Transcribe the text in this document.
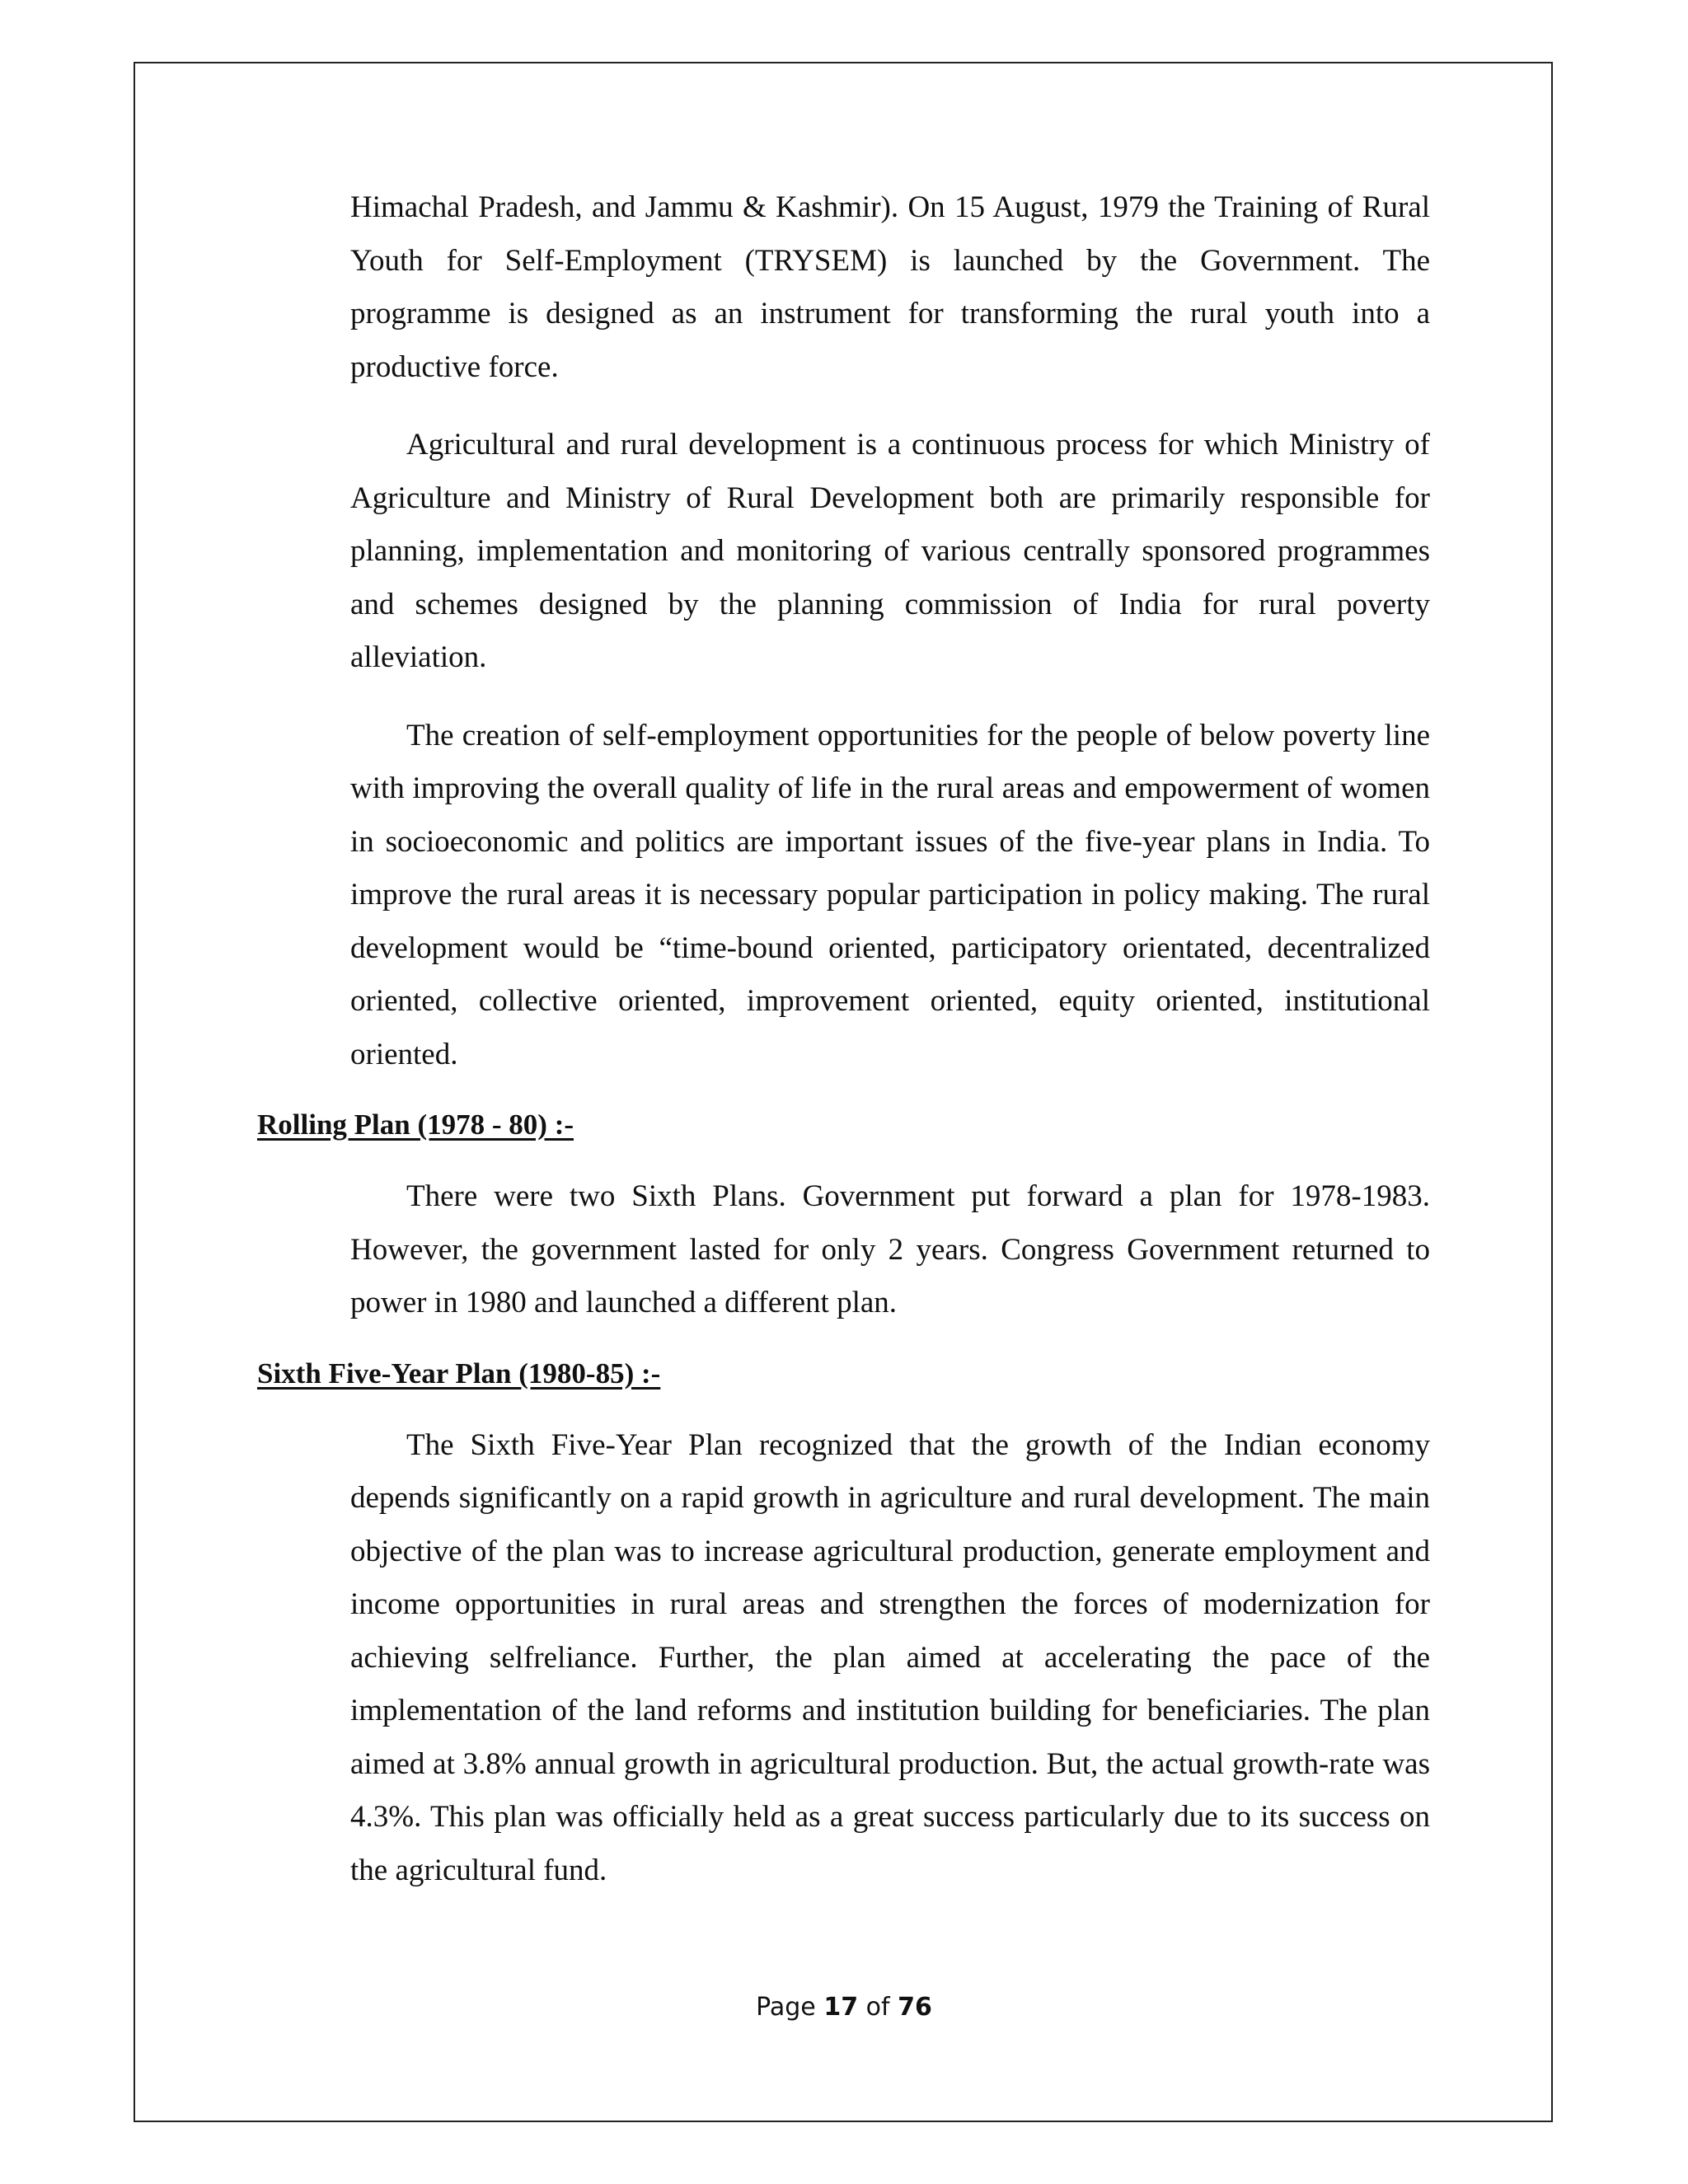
Himachal Pradesh, and Jammu & Kashmir). On 15 August, 1979 the Training of Rural Youth for Self-Employment (TRYSEM) is launched by the Government. The programme is designed as an instrument for transforming the rural youth into a productive force.

Agricultural and rural development is a continuous process for which Ministry of Agriculture and Ministry of Rural Development both are primarily responsible for planning, implementation and monitoring of various centrally sponsored programmes and schemes designed by the planning commission of India for rural poverty alleviation.

The creation of self-employment opportunities for the people of below poverty line with improving the overall quality of life in the rural areas and empowerment of women in socioeconomic and politics are important issues of the five-year plans in India. To improve the rural areas it is necessary popular participation in policy making. The rural development would be “time-bound oriented, participatory orientated, decentralized oriented, collective oriented, improvement oriented, equity oriented, institutional oriented.

Rolling Plan (1978 - 80) :-

There were two Sixth Plans. Government put forward a plan for 1978-1983. However, the government lasted for only 2 years. Congress Government returned to power in 1980 and launched a different plan.

Sixth Five-Year Plan (1980-85) :-

The Sixth Five-Year Plan recognized that the growth of the Indian economy depends significantly on a rapid growth in agriculture and rural development. The main objective of the plan was to increase agricultural production, generate employment and income opportunities in rural areas and strengthen the forces of modernization for achieving selfreliance. Further, the plan aimed at accelerating the pace of the implementation of the land reforms and institution building for beneficiaries. The plan aimed at 3.8% annual growth in agricultural production. But, the actual growth-rate was 4.3%. This plan was officially held as a great success particularly due to its success on the agricultural fund.

Page 17 of 76
